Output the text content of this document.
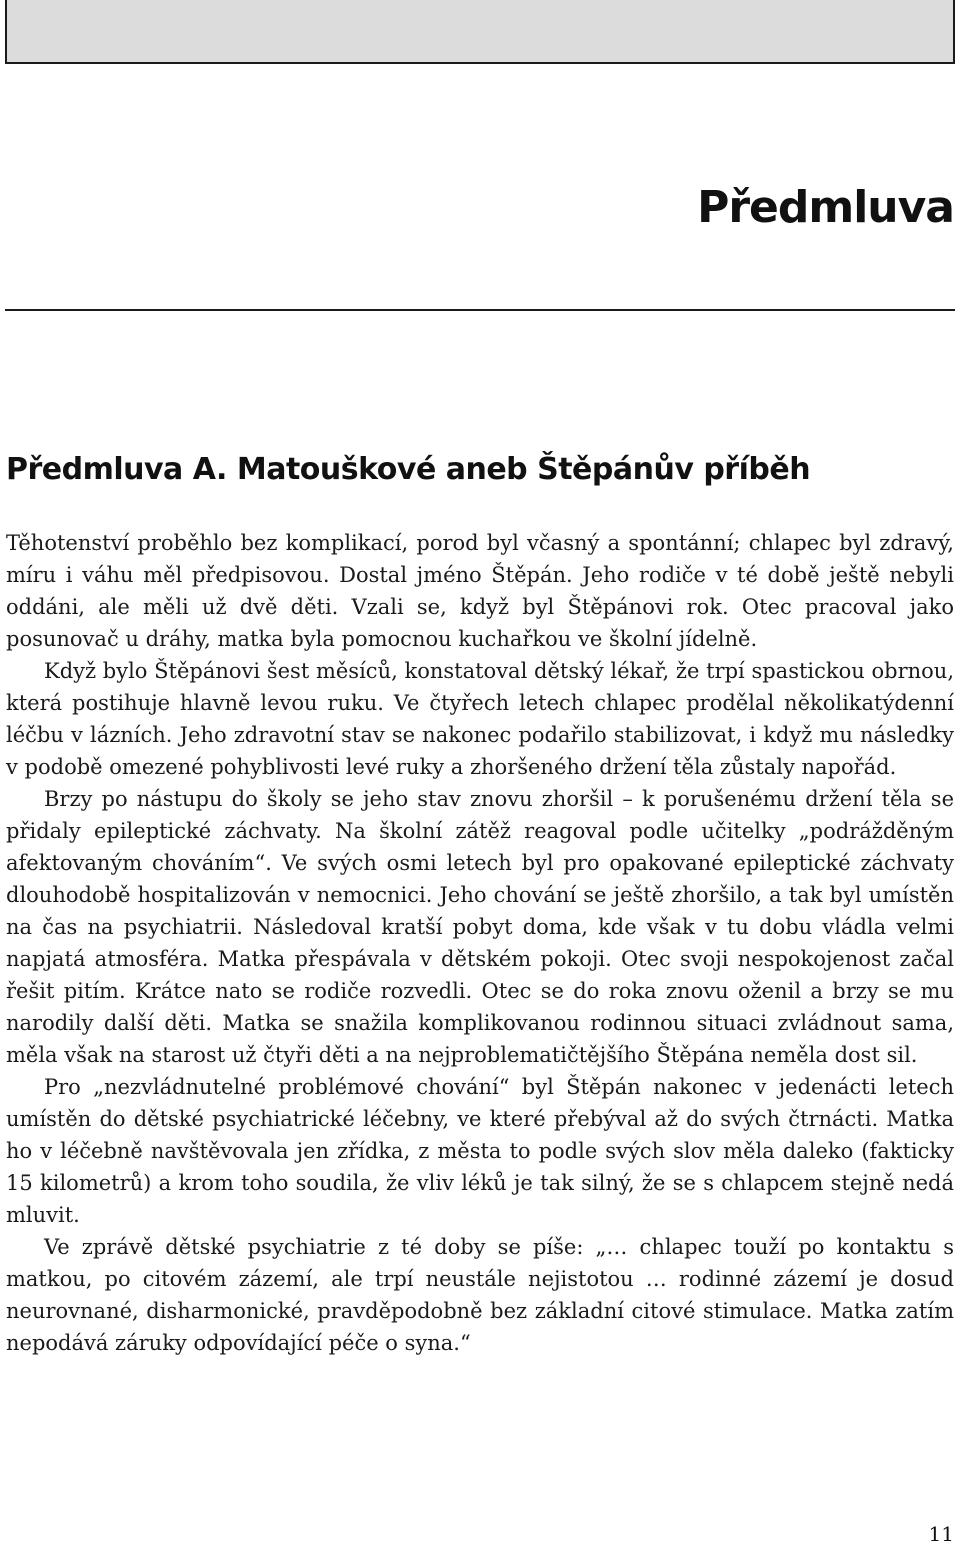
Předmluva
Předmluva A. Matouškové aneb Štěpánův příběh

Těhotenství proběhlo bez komplikací, porod byl včasný a spontánní; chlapec byl zdravý, míru i váhu měl předpisovou. Dostal jméno Štěpán. Jeho rodiče v té době ještě nebyli oddáni, ale měli už dvě děti. Vzali se, když byl Štěpánovi rok. Otec pracoval jako posunovač u dráhy, matka byla pomocnou kuchařkou ve školní jídelně.

Když bylo Štěpánovi šest měsíců, konstatoval dětský lékař, že trpí spastickou obrnou, která postihuje hlavně levou ruku. Ve čtyřech letech chlapec prodělal několikatýdenní léčbu v lázních. Jeho zdravotní stav se nakonec podařilo stabilizovat, i když mu následky v podobě omezené pohyblivosti levé ruky a zhoršeného držení těla zůstaly napořád.

Brzy po nástupu do školy se jeho stav znovu zhoršil – k porušenému držení těla se přidaly epileptické záchvaty. Na školní zátěž reagoval podle učitelky „podrážděným afektovaným chováním“. Ve svých osmi letech byl pro opakované epileptické záchvaty dlouhodobě hospitalizován v nemocnici. Jeho chování se ještě zhoršilo, a tak byl umístěn na čas na psychiatrii. Následoval kratší pobyt doma, kde však v tu dobu vládla velmi napjatá atmosféra. Matka přespávala v dětském pokoji. Otec svoji nespokojenost začal řešit pitím. Krátce nato se rodiče rozvedli. Otec se do roka znovu oženil a brzy se mu narodily další děti. Matka se snažila komplikovanou rodinnou situaci zvládnout sama, měla však na starost už čtyři děti a na nejproblematičtějšího Štěpána neměla dost sil.

Pro „nezvládnutelné problémové chování“ byl Štěpán nakonec v jedenácti letech umístěn do dětské psychiatrické léčebny, ve které přebýval až do svých čtrnácti. Matka ho v léčebně navštěvovala jen zřídka, z města to podle svých slov měla daleko (fakticky 15 kilometrů) a krom toho soudila, že vliv léků je tak silný, že se s chlapcem stejně nedá mluvit.

Ve zprávě dětské psychiatrie z té doby se píše: „… chlapec touží po kontaktu s matkou, po citovém zázemí, ale trpí neustále nejistotou … rodinné zázemí je dosud neurovnané, disharmonické, pravděpodobně bez základní citové stimulace. Matka zatím nepodává záruky odpovídající péče o syna.“

11
